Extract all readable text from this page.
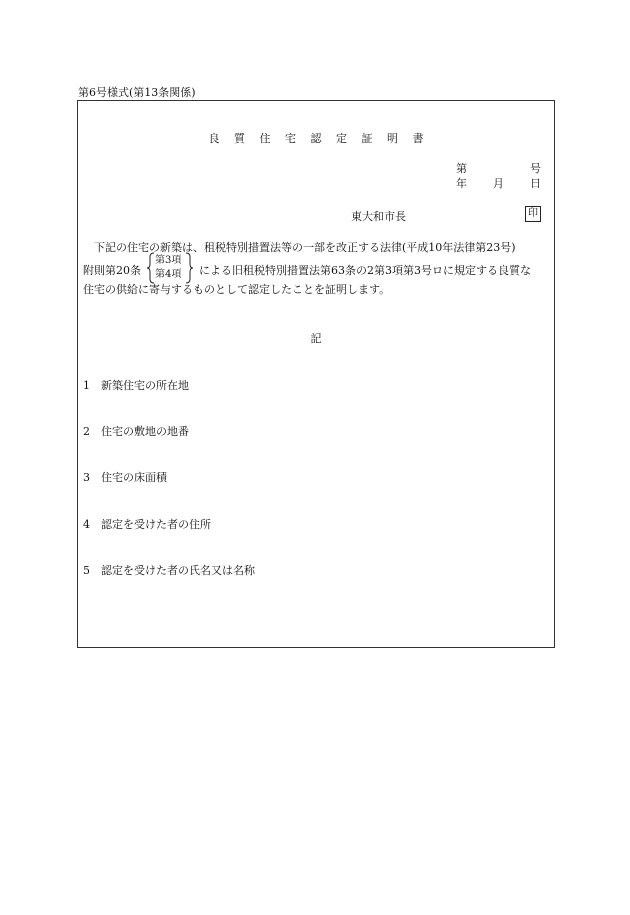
第6号様式(第13条関係)
良 質 住 宅 認 定 証 明 書
第	号
年 月 日
東大和市長	印
下記の住宅の新築は、租税特別措置法等の一部を改正する法律(平成10年法律第23号)
附則第20条
第3項
第4項 による旧租税特別措置法第63条の2第3項第3号ロに規定する良質な
住宅の供給に寄与するものとして認定したことを証明します。
記
1 新築住宅の所在地
2 住宅の敷地の地番
3 住宅の床面積
4 認定を受けた者の住所
5 認定を受けた者の氏名又は名称
